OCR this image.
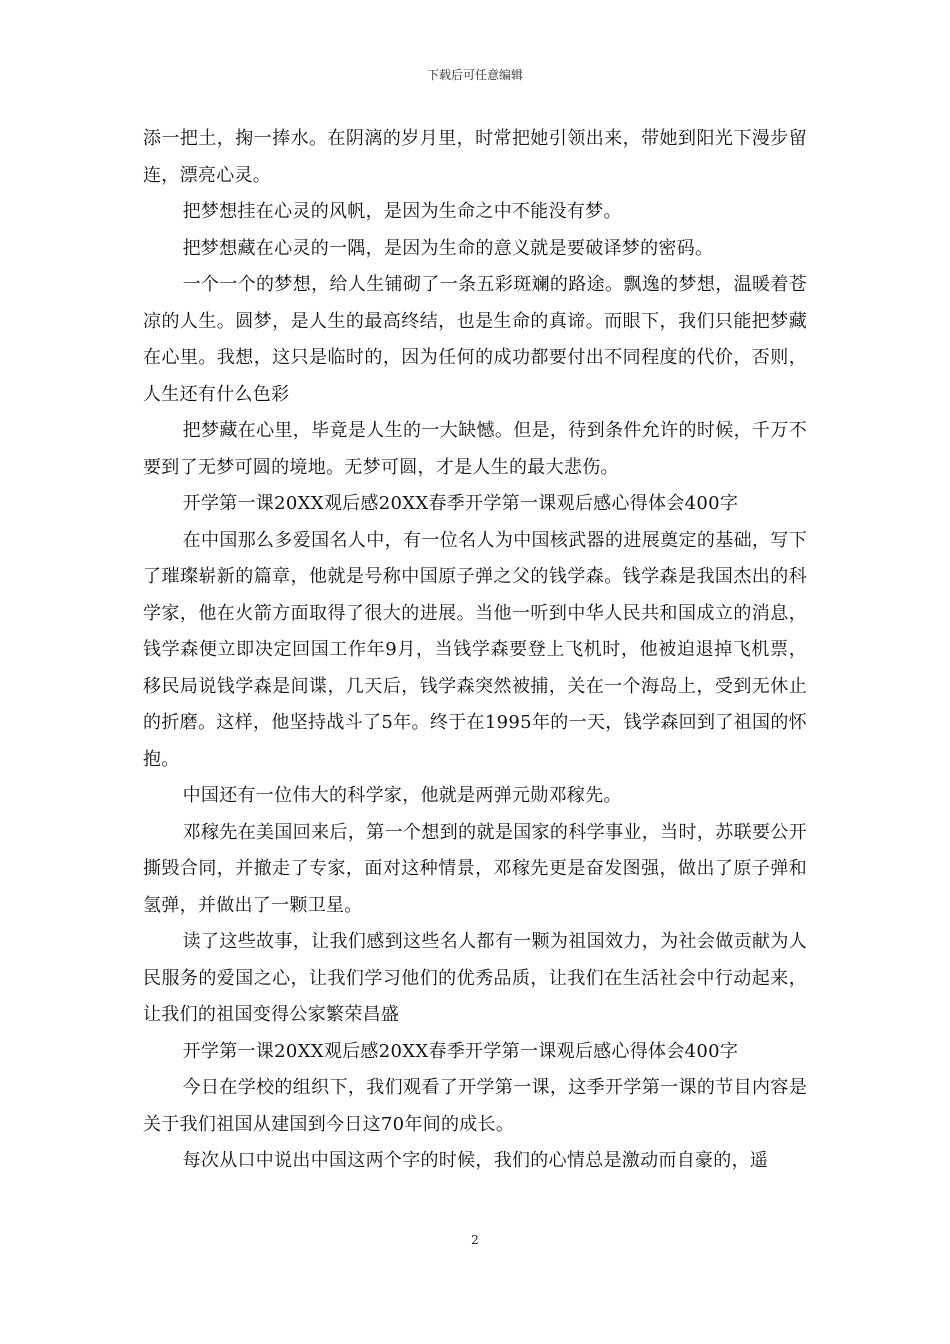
下载后可任意编辑

添一把土，掬一捧水。在阴漓的岁月里，时常把她引领出来，带她到阳光下漫步留连，漂亮心灵。

把梦想挂在心灵的风帆，是因为生命之中不能没有梦。

把梦想藏在心灵的一隅，是因为生命的意义就是要破译梦的密码。

一个一个的梦想，给人生铺砌了一条五彩斑斓的路途。飘逸的梦想，温暖着苍凉的人生。圆梦，是人生的最高终结，也是生命的真谛。而眼下，我们只能把梦藏在心里。我想，这只是临时的，因为任何的成功都要付出不同程度的代价，否则，人生还有什么色彩

把梦藏在心里，毕竟是人生的一大缺憾。但是，待到条件允许的时候，千万不要到了无梦可圆的境地。无梦可圆，才是人生的最大悲伤。

开学第一课20XX观后感20XX春季开学第一课观后感心得体会400字

在中国那么多爱国名人中，有一位名人为中国核武器的进展奠定的基础，写下了璀璨崭新的篇章，他就是号称中国原子弹之父的钱学森。钱学森是我国杰出的科学家，他在火箭方面取得了很大的进展。当他一听到中华人民共和国成立的消息，钱学森便立即决定回国工作年9月，当钱学森要登上飞机时，他被迫退掉飞机票，移民局说钱学森是间谍，几天后，钱学森突然被捕，关在一个海岛上，受到无休止的折磨。这样，他坚持战斗了5年。终于在1995年的一天，钱学森回到了祖国的怀抱。

中国还有一位伟大的科学家，他就是两弹元勋邓稼先。

邓稼先在美国回来后，第一个想到的就是国家的科学事业，当时，苏联要公开撕毁合同，并撤走了专家，面对这种情景，邓稼先更是奋发图强，做出了原子弹和氢弹，并做出了一颗卫星。

读了这些故事，让我们感到这些名人都有一颗为祖国效力，为社会做贡献为人民服务的爱国之心，让我们学习他们的优秀品质，让我们在生活社会中行动起来，让我们的祖国变得公家繁荣昌盛

开学第一课20XX观后感20XX春季开学第一课观后感心得体会400字

今日在学校的组织下，我们观看了开学第一课，这季开学第一课的节目内容是关于我们祖国从建国到今日这70年间的成长。

每次从口中说出中国这两个字的时候，我们的心情总是激动而自豪的，遥

2
